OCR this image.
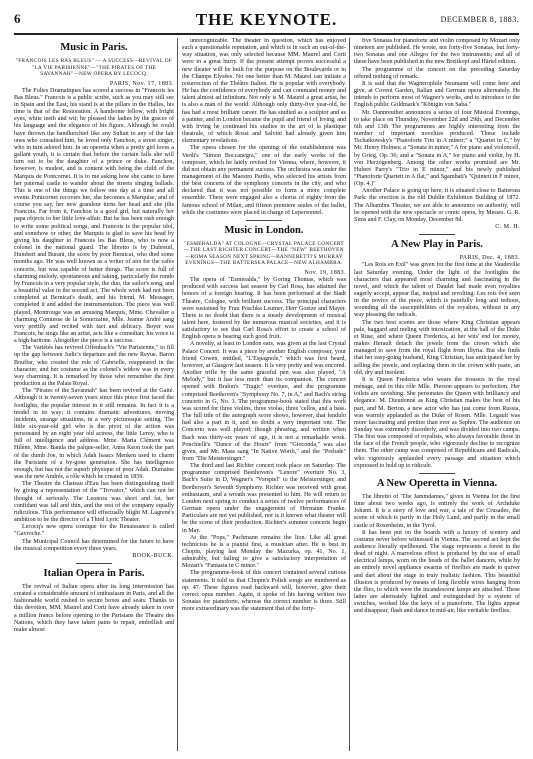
6	THE KEYNOTE.	DECEMBER 8, 1883.
Music in Paris.
"FRANCOIS LES BAS BLEUS" — A SUCCESS—REVIVAL OF "LA VIE PARISIENNE"—"THE PIRATES OF THE SAVANNAH"—NEW OPERA BY LECOCQ.
PARIS, Nov. 17, 1883.

The Folies Dramatiques has scored a success in "Francois les Bas Bleus." Francois is a public scribe, such as you may still see in Spain and the East; his stand is at the pillars in the Halles, his time is that of the Restoration. A handsome fellow, with bright eyes, white teeth and wit; he pleased the ladies by the graces of his language and the elegance of his figure. Although he could have thrown the handkerchief like any Sultan to any of the fair ones who consulted him, he loved only Fanchon, a street singer, who in turn adored him. In an operetta when a pretty girl loves a gallant youth, it is certain that before the curtain falls she will turn out to be the daughter of a prince or duke. Fanchon, however, is modest, and is content with being the child of the Marquis de Pontcornet. It is to me asking how she came to have her paternal castle to wander about the streets singing ballads. This is one of the things we follow one day at a time and all events Pontcornet recovers her, she becomes a Marquise, and of course you say, her new grandeur turns her head and she jilts Francois. Far from it, Fanchon is a good girl, but naturally her papa objects to her little love-affair. But he has been rash enough to write some political songs, and Francois is the popular idol, and somehow or other, the Marquis is glad to save his head by giving his daughter to Francois les Bas Bleus, who is now a colonel in the national guard. The libretto is by Dubreuil, Humbert and Burani, the score by poor Bernicat, who died some months ago. He was well known as a writer of airs for the cafés concerts, but was capable of better things. The score is full of charming melody, spontaneous and taking, particularly the rondo by Francois in a very popular style, the duo, the sailor's song, and a beautiful valse in the second act. The whole work had not been completed at Bernicat's death, and his friend, M. Messager, completed it and added the instrumentation. The piece was well played, Montrouge was an amusing Marquis, Mme. Chevalier a charming Comtesse de la Somerzaine, Mlle. Jeanne André sang very prettily and recited with tact and delicacy. Boyer was Francois, he sings like an artist, acts like a comedian; his voice is a high baritone. Altogether the piece is a success.

The Variétés has revived Offenbach's "Vie Parisienne," to fill up the gap between Judic's departure and the new Revue. Baron Bouffar, who created the role of Gabrielle, reappeared in the character, and her costume as the colonel's widow was in every way charming. It is remarked by those who remember the first production at the Palais Royal.

The "Pirates of the Savannah" has been revived at the Gaité. Although it is twenty-seven years since this piece first faced the footlights, the popular interest in it still remains. In fact it is a model in its way; it contains dramatic adventures, moving incidents, strange situations, in a very picturesque setting. The little six-year-old girl who is the pivot of the action was personated by an eight year old actress, the little Leroy, who is full of intelligence and address. Mme. Maria Clément was Hilène, Mme. Banda the palque-seller, Anna Keon took the part of the dumb Joe, in which Adah Isaacs Menken used to charm the Parisians of a by-gone generation. She has intelligence enough, but has not the superb physique of poor Adah. Dumaine was the new Andrés, a rôle which he created in 1859.

The Theatre du Chateau d'Eau has been distinguishing itself by giving a representation of the "Trovator," which can not be thought of seriously. The Leonora was short and fat, her confidant was tall and thin, and the rest of the company equally ridiculous. This performance will effectually blight M. Lagrené's ambition to be the director of a Third Lyric Theater.

Lecocq's new opera comique for the Renaissance is called "Gavroche."

The Municipal Council has determined for the future to have the musical competition every three years.

BOOK-BUCK.
Italian Opera in Paris.

The revival of Italian opera after its long intermission has created a considerable amount of enthusiasm in Paris, and all the fashionable world rushed to secure boxes and seats. Thanks to this devotion, MM. Maurel and Corti have already taken in over a million francs before opening to the Parisians the Theatre des Nations, which they have taken pains to repair, embellish and make almost

unrecognizable. The theater in question, which has enjoyed such a questionable reputation, and which is in such an out-of-the-way situation, was only selected because MM. Maurel and Corti were in a great hurry. If the present attempt proves successful a new theater will be built for the purpose on the Boulevards or in the Champs Elysées. No one better than M. Maurel can initiate a resurrection of the Théâtre Italien. He is popular with everybody. He has the confidence of everybody and can command money and talent almost ad infinitum. Not only is M. Maurel a great artist, he is also a man of the world. Although only thirty-five year-old, he has had a most brilliant career. He has studied as a sculptor and as a painter, and in London became the pupil and friend of Irving, and with Irving he continued his studies in the art of la plastique theatrale, of which Rossi and Salvini had already given him elementary revelations.

The opera chosen for the opening of the establishment was Verdi's "Simon Boccanegra," one of the early works of the composer, which he lately revised for Vienna, where, however, it did not obtain any permanent success. The orchestra was under the management of the Maestro Pardis, who selected his artists from the best concerts of the symphony concerts in the city, and who declared that it was not possible to form a more complete ensemble. There were engaged also a chorus of eighty from the famous school of Milan, and fifteen premiere seules of the ballet, while the costumes were placed in charge of Lepersonnel.

Music in London.
"ESMERALDA" AT COLOGNE—CRYSTAL PALACE CONCERT —THE LAST RICHTER CONCERT—THE "NEW" BEETHOVEN—ROMA SEASON NEXT SPRING—BANNERETTI'S MURRAY EVENINGS—THE BATTERSEA PALACE—NEW ALHAMBRA.
Nov. 19, 1883.

The opera of "Esmeralda," by Goring Thomas, which was produced with success last season by Carl Rosa, has attained the honors of a foreign hearing. It has been performed at the Stadt Theatre, Cologne, with brilliant success. The principal characters were sustained by Frau Poschka Leutner, Herr Goetze and Mayer. There is no doubt that there is a steady development of musical talent here, fostered by the numerous musical societies, and it is satisfactory to see that Carl Rosa's effort to create a school of English opera is bearing such good fruit.

A novelty, at least to London ears, was given at the last Crystal Palace Concert. It was a piece by another English composer, your friend Cowen, entitled, "L'Espagnole," which was first heard, however, at Glasgow last season. It is very pretty and was encored. Another trifle by the same graceful pen was also played, "A Melody," but it has less merit than its companion. The concert opened with Brahm's "Tragic" overture, and the programme comprised Beethoven's "Symphony No. 7, in A," and Bach's string concerto in G, No. 3. The programme-book stated that this work was scored for three violins, three violas, three 'cellos, and a bass. The full title of the autograph score shows, however, that fendulo had also a part in it, and no doubt a very important one. The Concerto was well played; though phrasing, and written when Bach was thirty-six years of age, it is not a remarkable work. Ponchielli's "Dance of the Hours" from "Gioconda," was also given, and Mr. Maas sang "In Native Worth," and the "Prelude" from "Die Meistersinger."

The third and last Richter concert took place on Saturday. The programme comprised Beethoven's "Lenore" overture No. 3, Bach's Suite in D, Wagner's "Vorspiel" to the Meistersinger, and Beethoven's Seventh Symphony. Richter was received with great enthusiasm, and a wreath was presented to him. He will return to London next spring to conduct a series of twelve performances of German opera under the engagement of Hermann Franke. Particulars are not yet published, nor is it known what theater will be the scene of their production. Richter's summer concerts begin in May.

At the "Pops," Pachmann remains the lion. Like all great technicists he is a pianist first, a musician after. He is best in Chopin, playing last Monday the Mazurka, op. 41, No. 1, admirably, but failing to give a satisfactory interpretation of Mozart's "Fantasia in C minor."

The programme-book of this concert contained several curious statements. It told us that Chopin's Polish songs are numbered as op. 47. These figures read backward will, however, give their correct opus number. Again, it spoke of his having written two Sonatas for pianoforte, whereas the correct number is three. Still more extraordinary was the statement that of the forty-

five Sonatas for pianoforte and violin composed by Mozart only nineteen are published. He wrote, not forty-five Sonatas, but forty-two Sonatas and one Allegro for the two instruments; and all of these have been published in the new Breitkopf and Härtel edition.

The programme of the concert on the preceding Saturday offered nothing of remark.

It is said that the Wagnerophile Neumann will come here and give, at Covent Garden, Italian and German opera alternately. He intends to perform most of Wagner's works, and to introduce to the English public Goldmark's "Königin von Saba."

Mr. Dannreuther announces a series of four Musical Evenings, to take place on Thursday, November 22d and 29th, and December 6th and 13th The programmes are highly interesting from the number of important novelties produced. These include Tschaikowsky's "Pianoforte Trio in A minor;" a "Quartet in C," by Mr. Henry Holmes; a "Sonata in minor," A for piano and violoncell, by Grieg, Op. 36; and a "Sonata in A," for piano and violin, by H. von Herzogenberg. Among the other works promised are Mr. Hubert Parry's "Trio in E minor," and his newly published "Pianoforte Quartett in A flat," and Sgambati's "Quintett in F minor, (Op. 4.)"

Another Palace is going up here; it is situated close to Battersea Park: the erection is the old Dublin Exhibition Building of 1872. The Alhambra Theater, we are able to announce on authority, will be opened with the new spectacle or comic opera, by Messrs. G. R. Sims and F. Clay, on Monday, December 8d.

C. M. H.
A New Play in Paris.
PARIS, Dec. 4, 1883.

"Les Rois en Exil" was given for the first time at the Vaudeville last Saturday evening. Under the light of the footlights the characters that appeared most charming and fascinating in the novel, and which the talent of Daudet had made even royalties eagerly accept, appear flat, insipid and revolting. Les rois ôvé seen in the novice of the piece, which is painfully long and tedious, wounding all the susceptibilities of the royalists, without in any way pleasing the radicals.

The two best scenes are those where King Christian appears pale, haggard and reeling with intoxication, at the ball of the Duke et Ruse, and where Queen Frederica, at her wits' end for money, makes Herault detach the jewels from the crown which she managed to save from the royal flight from Illyria. But she finds that her easy-going husband, King Christian, has anticipated her by selling the jewels, and replacing them in the crown with paste, an old, dry and insolent.

It is Queen Frederica who wears the trousers in the royal ménage, and in this rôle Mlle. Pierson appears to perfection. Her toilets are ravishing. She personates the Queen with brilliancy and elegance. M. Dieudonné as King Christian makes the best of his part, and M. Berton, a new actor who has just come from Russia, was warmly applauded as the Duke of Rosen. Mlle. Legault was more fascinating and prettier than ever as Sephor. The audience on Sunday was extremely disorderly, and was divided into two camps. The first was composed of royalists, who always favorable those in the face of the French people, who vigorously decline to recognize them. The other camp was composed of Republicans and Radicals, who vigorously applauded every passage and situation which expressed to hold up to ridicule.

A New Operetta in Vienna.

The libretto of "Die Jammdames," given in Vienna for the first time about two weeks ago, is entirely the work of Archduke Johann. It is a story of love and war, a tale of the Crusades, the scene of which is partly in the Holy Land, and partly in the small castle of Rosenheim, in the Tyrol.

It has been put on the boards with a luxury of scenery and costume never before witnessed in Vienna. The second act kept the audience literally spellbound. The stage represents a forest in the dead of night. A marvelous effect is produced by the use of small electrical lamps, worn on the heads of the ballet dancers, while by an entirely novel appliance swarms of fireflies are made to quiver and dart about the stage in truly realistic fashion. This beautiful illusion is produced by means of long flexible wires hanging from the flies, to which were the incandescent lamps are attached. These latter are alternately lighted and extinguished by a system of switches, worked like the keys of a pianoforte. The lights appear and disappear, flash and dance in mid-air, like veritable fireflies.
